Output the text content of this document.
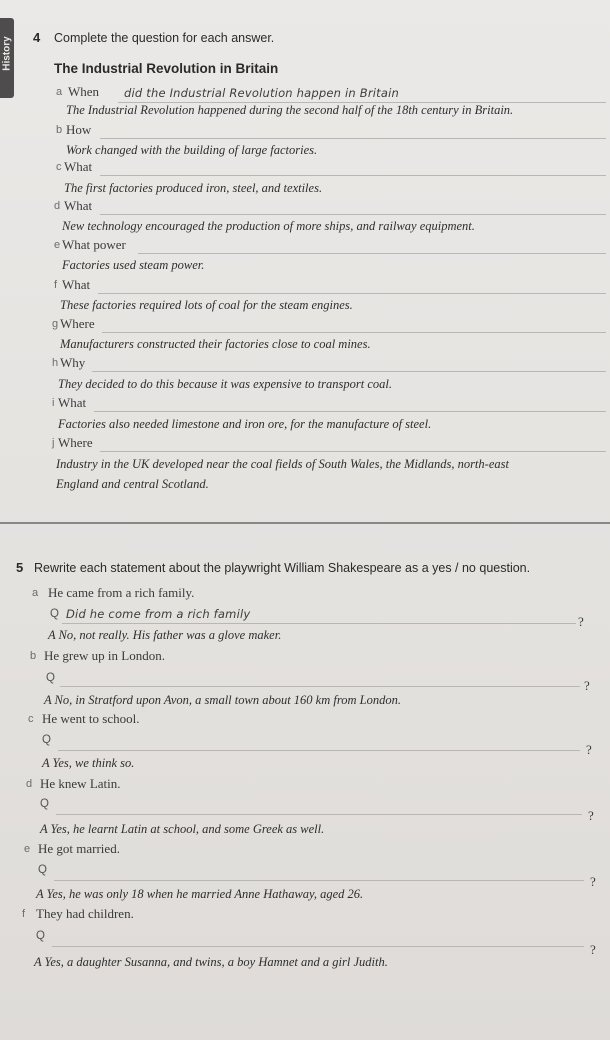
History 4 Complete the question for each answer.
The Industrial Revolution in Britain
a When did the Industrial Revolution happen in Britain
The Industrial Revolution happened during the second half of the 18th century in Britain.
b How
Work changed with the building of large factories.
c What
The first factories produced iron, steel, and textiles.
d What
New technology encouraged the production of more ships, and railway equipment.
e What power
Factories used steam power.
f What
These factories required lots of coal for the steam engines.
g Where
Manufacturers constructed their factories close to coal mines.
h Why
They decided to do this because it was expensive to transport coal.
i What
Factories also needed limestone and iron ore, for the manufacture of steel.
j Where
Industry in the UK developed near the coal fields of South Wales, the Midlands, north-east
England and central Scotland.
5 Rewrite each statement about the playwright William Shakespeare as a yes / no question.
a He came from a rich family.
Q Did he come from a rich family	?
A No, not really. His father was a glove maker.
b He grew up in London.
Q	?
A No, in Stratford upon Avon, a small town about 160 km from London.
c He went to school.
Q
?
A Yes, we think so.
d He knew Latin.
Q
?
A Yes, he learnt Latin at school, and some Greek as well.
e He got married.
Q
?
A Yes, he was only 18 when he married Anne Hathaway, aged 26.
f They had children.
Q
?
A Yes, a daughter Susanna, and twins, a boy Hamnet and a girl Judith.
